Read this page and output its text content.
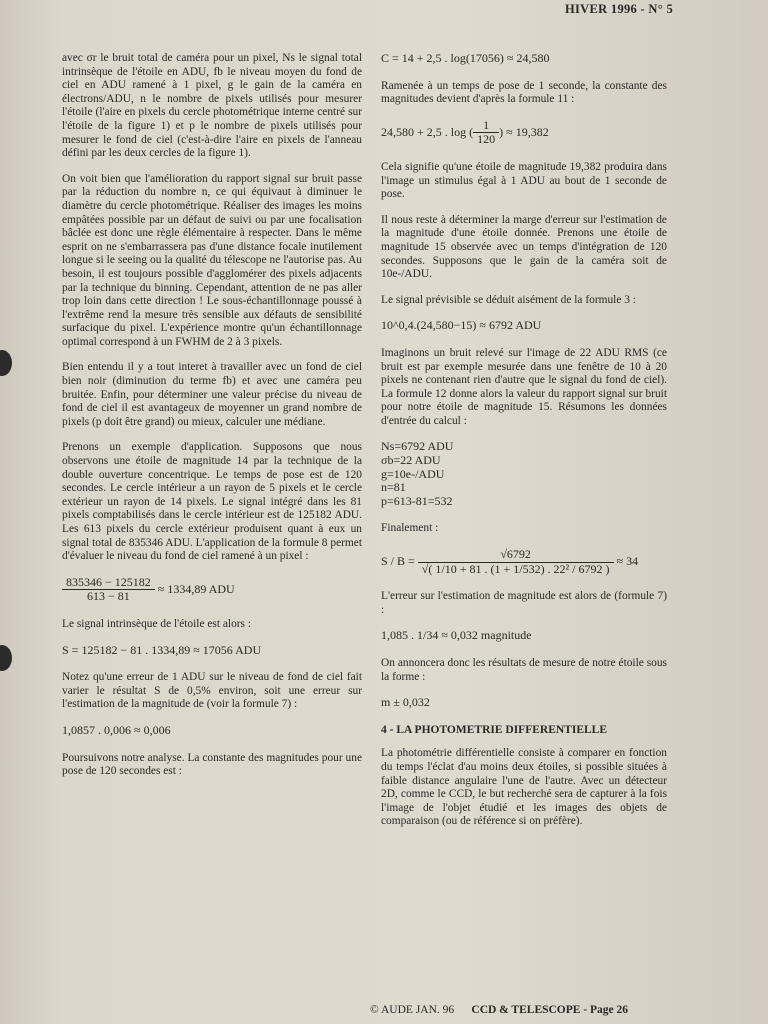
HIVER 1996 - N° 5

avec σr le bruit total de caméra pour un pixel, Ns le signal total intrinsèque de l'étoile en ADU, fb le niveau moyen du fond de ciel en ADU ramené à 1 pixel, g le gain de la caméra en électrons/ADU, n le nombre de pixels utilisés pour mesurer l'étoile (l'aire en pixels du cercle photométrique interne centré sur l'étoile de la figure 1) et p le nombre de pixels utilisés pour mesurer le fond de ciel (c'est-à-dire l'aire en pixels de l'anneau défini par les deux cercles de la figure 1).

On voit bien que l'amélioration du rapport signal sur bruit passe par la réduction du nombre n, ce qui équivaut à diminuer le diamètre du cercle photométrique. Réaliser des images les moins empâtées possible par un défaut de suivi ou par une focalisation bâclée est donc une règle élémentaire à respecter. Dans le même esprit on ne s'embarrassera pas d'une distance focale inutilement longue si le seeing ou la qualité du télescope ne l'autorise pas. Au besoin, il est toujours possible d'agglomérer des pixels adjacents par la technique du binning. Cependant, attention de ne pas aller trop loin dans cette direction ! Le sous-échantillonnage poussé à l'extrême rend la mesure très sensible aux défauts de sensibilité surfacique du pixel. L'expérience montre qu'un échantillonnage optimal correspond à un FWHM de 2 à 3 pixels.

Bien entendu il y a tout interet à travailler avec un fond de ciel bien noir (diminution du terme fb) et avec une caméra peu bruitée. Enfin, pour déterminer une valeur précise du niveau de fond de ciel il est avantageux de moyenner un grand nombre de pixels (p doit être grand) ou mieux, calculer une médiane.

Prenons un exemple d'application. Supposons que nous observons une étoile de magnitude 14 par la technique de la double ouverture concentrique. Le temps de pose est de 120 secondes. Le cercle intérieur a un rayon de 5 pixels et le cercle extérieur un rayon de 14 pixels. Le signal intégré dans les 81 pixels comptabilisés dans le cercle intérieur est de 125182 ADU. Les 613 pixels du cercle extérieur produisent quant à eux un signal total de 835346 ADU. L'application de la formule 8 permet d'évaluer le niveau du fond de ciel ramené à un pixel :

$\frac{835346 - 125182}{613 - 81} \approx 1334,89$ ADU

Le signal intrinsèque de l'étoile est alors :

S = 125182 − 81 . 1334,89 ≈ 17056 ADU

Notez qu'une erreur de 1 ADU sur le niveau de fond de ciel fait varier le résultat S de 0,5% environ, soit une erreur sur l'estimation de la magnitude de (voir la formule 7) :

1,0857 . 0,006 ≈ 0,006

Poursuivons notre analyse. La constante des magnitudes pour une pose de 120 secondes est :

C = 14 + 2,5 . log(17056) ≈ 24,580

Ramenée à un temps de pose de 1 seconde, la constante des magnitudes devient d'après la formule 11 :

24,580 + 2,5 . log ( $\frac{1}{120}$ ) ≈ 19,382

Cela signifie qu'une étoile de magnitude 19,382 produira dans l'image un stimulus égal à 1 ADU au bout de 1 seconde de pose.

Il nous reste à déterminer la marge d'erreur sur l'estimation de la magnitude d'une étoile donnée. Prenons une étoile de magnitude 15 observée avec un temps d'intégration de 120 secondes. Supposons que le gain de la caméra soit de 10e-/ADU.

Le signal prévisible se déduit aisément de la formule 3 :

10^0,4.(24,580−15) ≈ 6792 ADU

Imaginons un bruit relevé sur l'image de 22 ADU RMS (ce bruit est par exemple mesurée dans une fenêtre de 10 à 20 pixels ne contenant rien d'autre que le signal du fond de ciel). La formule 12 donne alors la valeur du rapport signal sur bruit pour notre étoile de magnitude 15. Résumons les données d'entrée du calcul :

Ns=6792 ADU
σb=22 ADU
g=10e-/ADU
n=81
p=613-81=532

Finalement :

$S / B = \frac{√6792}{\text{√( 1/10 + 81 . (1 + 1/532) . 22² / 6792 )}} \approx 34$

L'erreur sur l'estimation de magnitude est alors de (formule 7) :

1,085 . 1/34 ≈ 0,032 magnitude

On annoncera donc les résultats de mesure de notre étoile sous la forme :

m ± 0,032
4 - LA PHOTOMETRIE DIFFERENTIELLE

La photométrie différentielle consiste à comparer en fonction du temps l'éclat d'au moins deux étoiles, si possible situées à faible distance angulaire l'une de l'autre. Avec un détecteur 2D, comme le CCD, le but recherché sera de capturer à la fois l'image de l'objet étudié et les images des objets de comparaison (ou de référence si on préfère).

© AUDE JAN. 96 CCD & TELESCOPE - Page 26
